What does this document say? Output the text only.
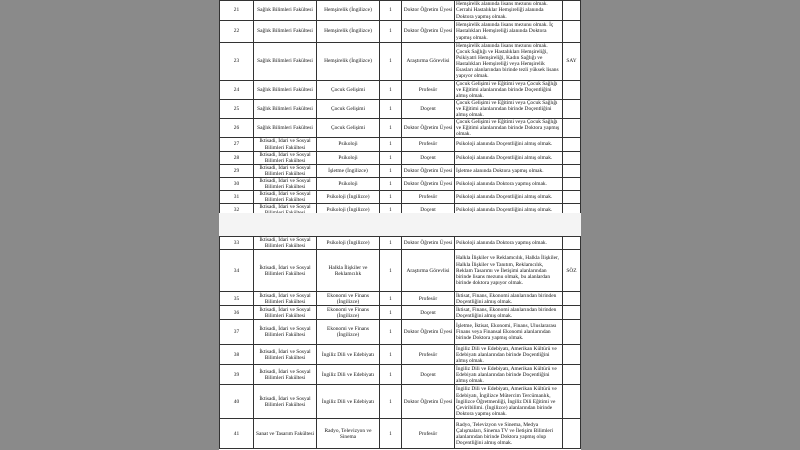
21	Sağlık Bilimleri Fakültesi	Hemşirelik (İngilizce)	1	Doktor Öğretim Üyesi	Hemşirelik alanında lisans mezunu olmak. Cerrahi Hastalıklar Hemşireliği alanında Doktora yapmış olmak.	
22	Sağlık Bilimleri Fakültesi	Hemşirelik (İngilizce)	1	Doktor Öğretim Üyesi	Hemşirelik alanında lisans mezunu olmak. İç Hastalıkları Hemşireliği alanında Doktora yapmış olmak.	
23	Sağlık Bilimleri Fakültesi	Hemşirelik (İngilizce)	1	Araştırma Görevlisi	Hemşirelik alanında lisans mezunu olmak. Çocuk Sağlığı ve Hastalıkları Hemşireliği, Psikiyatri Hemşireliği, Kadın Sağlığı ve Hastalıkları Hemşireliği veya Hemşirelik Esasları alanlarından birinde tezli yüksek lisans yapıyor olmak.	SAY
24	Sağlık Bilimleri Fakültesi	Çocuk Gelişimi	1	Profesör	Çocuk Gelişimi ve Eğitimi veya Çocuk Sağlığı ve Eğitimi alanlarından birinde Doçentliğini almış olmak.	
25	Sağlık Bilimleri Fakültesi	Çocuk Gelişimi	1	Doçent	Çocuk Gelişimi ve Eğitimi veya Çocuk Sağlığı ve Eğitimi alanlarından birinde Doçentliğini almış olmak.	
26	Sağlık Bilimleri Fakültesi	Çocuk Gelişimi	1	Doktor Öğretim Üyesi	Çocuk Gelişimi ve Eğitimi veya Çocuk Sağlığı ve Eğitimi alanlarından birinde Doktora yapmış olmak.	
27	İktisadi, İdari ve Sosyal Bilimleri Fakültesi	Psikoloji	1	Profesör	Psikoloji alanında Doçentliğini almış olmak.	
28	İktisadi, İdari ve Sosyal Bilimleri Fakültesi	Psikoloji	1	Doçent	Psikoloji alanında Doçentliğini almış olmak.	
29	İktisadi, İdari ve Sosyal Bilimleri Fakültesi	İşletme (İngilizce)	1	Doktor Öğretim Üyesi	İşletme alanında Doktora yapmış olmak.	
30	İktisadi, İdari ve Sosyal Bilimleri Fakültesi	Psikoloji	1	Doktor Öğretim Üyesi	Psikoloji alanında Doktora yapmış olmak.	
31	İktisadi, İdari ve Sosyal Bilimleri Fakültesi	Psikoloji (İngilizce)	1	Profesör	Psikoloji alanında Doçentliğini almış olmak.	
32	İktisadi, İdari ve Sosyal	Psikoloji (İngilizce)	1	Doçent	Psikoloji alanında Doçentliğini almış olmak.	
33	İktisadi, İdari ve Sosyal Bilimleri Fakültesi	Psikoloji (İngilizce)	1	Doktor Öğretim Üyesi	Psikoloji alanında Doktora yapmış olmak.	
34	İktisadi, İdari ve Sosyal Bilimleri Fakültesi	Halkla İlişkiler ve Reklamcılık	1	Araştırma Görevlisi	Halkla İlişkiler ve Reklamcılık, Halkla İlişkiler, Halkla İlişkiler ve Tanıtım, Reklamcılık, Reklam Tasarımı ve İletişimi alanlarından birinde lisans mezunu olmak, bu alanlardan birinde doktora yapıyor olmak.	SÖZ
35	İktisadi, İdari ve Sosyal Bilimleri Fakültesi	Ekonomi ve Finans (İngilizce)	1	Profesör	İktisat, Finans, Ekonomi alanlarından birinden Doçentliğini almış olmak.	
36	İktisadi, İdari ve Sosyal Bilimleri Fakültesi	Ekonomi ve Finans (İngilizce)	1	Doçent	İktisat, Finans, Ekonomi alanlarından birinden Doçentliğini almış olmak.	
37	İktisadi, İdari ve Sosyal Bilimleri Fakültesi	Ekonomi ve Finans (İngilizce)	1	Doktor Öğretim Üyesi	İşletme, İktisat, Ekonomi, Finans, Uluslararası Finans veya Finansal Ekonomi alanlarından birinde Doktora yapmış olmak.	
38	İktisadi, İdari ve Sosyal Bilimleri Fakültesi	İngiliz Dili ve Edebiyatı	1	Profesör	İngiliz Dili ve Edebiyatı, Amerikan Kültürü ve Edebiyatı alanlarından birinde Doçentliğini almış olmak.	
39	İktisadi, İdari ve Sosyal Bilimleri Fakültesi	İngiliz Dili ve Edebiyatı	1	Doçent	İngiliz Dili ve Edebiyatı, Amerikan Kültürü ve Edebiyatı alanlarından birinde Doçentliğini almış olmak.	
40	İktisadi, İdari ve Sosyal Bilimleri Fakültesi	İngiliz Dili ve Edebiyatı	1	Doktor Öğretim Üyesi	İngiliz Dili ve Edebiyatı, Amerikan Kültürü ve Edebiyatı, İngilizce Mütercim Tercümanlık, İngilizce Öğretmenliği, İngiliz Dili Eğitimi ve Çeviribilimi. (İngilizce) alanlarından birinde Doktora yapmış olmak.	
41	Sanat ve Tasarım Fakültesi	Radyo, Televizyon ve Sinema	1	Profesör	Radyo, Televizyon ve Sinema, Medya Çalışmaları, Sinema TV ve İletişim Bilimleri alanlarından birinde Doktora yapmış olup Doçentliğini almış olmak.	
